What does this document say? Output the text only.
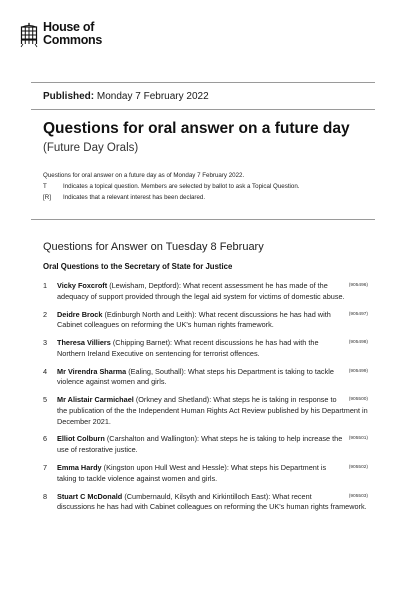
House of
Commons
Published: Monday 7 February 2022
Questions for oral answer on a future day
(Future Day Orals)
Questions for oral answer on a future day as of Monday 7 February 2022.
T	Indicates a topical question. Members are selected by ballot to ask a Topical Question.
[R]	Indicates that a relevant interest has been declared.
Questions for Answer on Tuesday 8 February
Oral Questions to the Secretary of State for Justice
1	(905496)
Vicky Foxcroft (Lewisham, Deptford): What recent assessment he has made of the adequacy of support provided through the legal aid system for victims of domestic abuse.
2	(905497)
Deidre Brock (Edinburgh North and Leith): What recent discussions he has had with Cabinet colleagues on reforming the UK's human rights framework.
3	(905498)
Theresa Villiers (Chipping Barnet): What recent discussions he has had with the Northern Ireland Executive on sentencing for terrorist offences.
4	(905499)
Mr Virendra Sharma (Ealing, Southall): What steps his Department is taking to tackle violence against women and girls.
5	(905500)
Mr Alistair Carmichael (Orkney and Shetland): What steps he is taking in response to the publication of the the Independent Human Rights Act Review published by his Department in December 2021.
6	(905501)
Elliot Colburn (Carshalton and Wallington): What steps he is taking to help increase the use of restorative justice.
7	(905502)
Emma Hardy (Kingston upon Hull West and Hessle): What steps his Department is taking to tackle violence against women and girls.
8	(905503)
Stuart C McDonald (Cumbernauld, Kilsyth and Kirkintilloch East): What recent discussions he has had with Cabinet colleagues on reforming the UK's human rights framework.
